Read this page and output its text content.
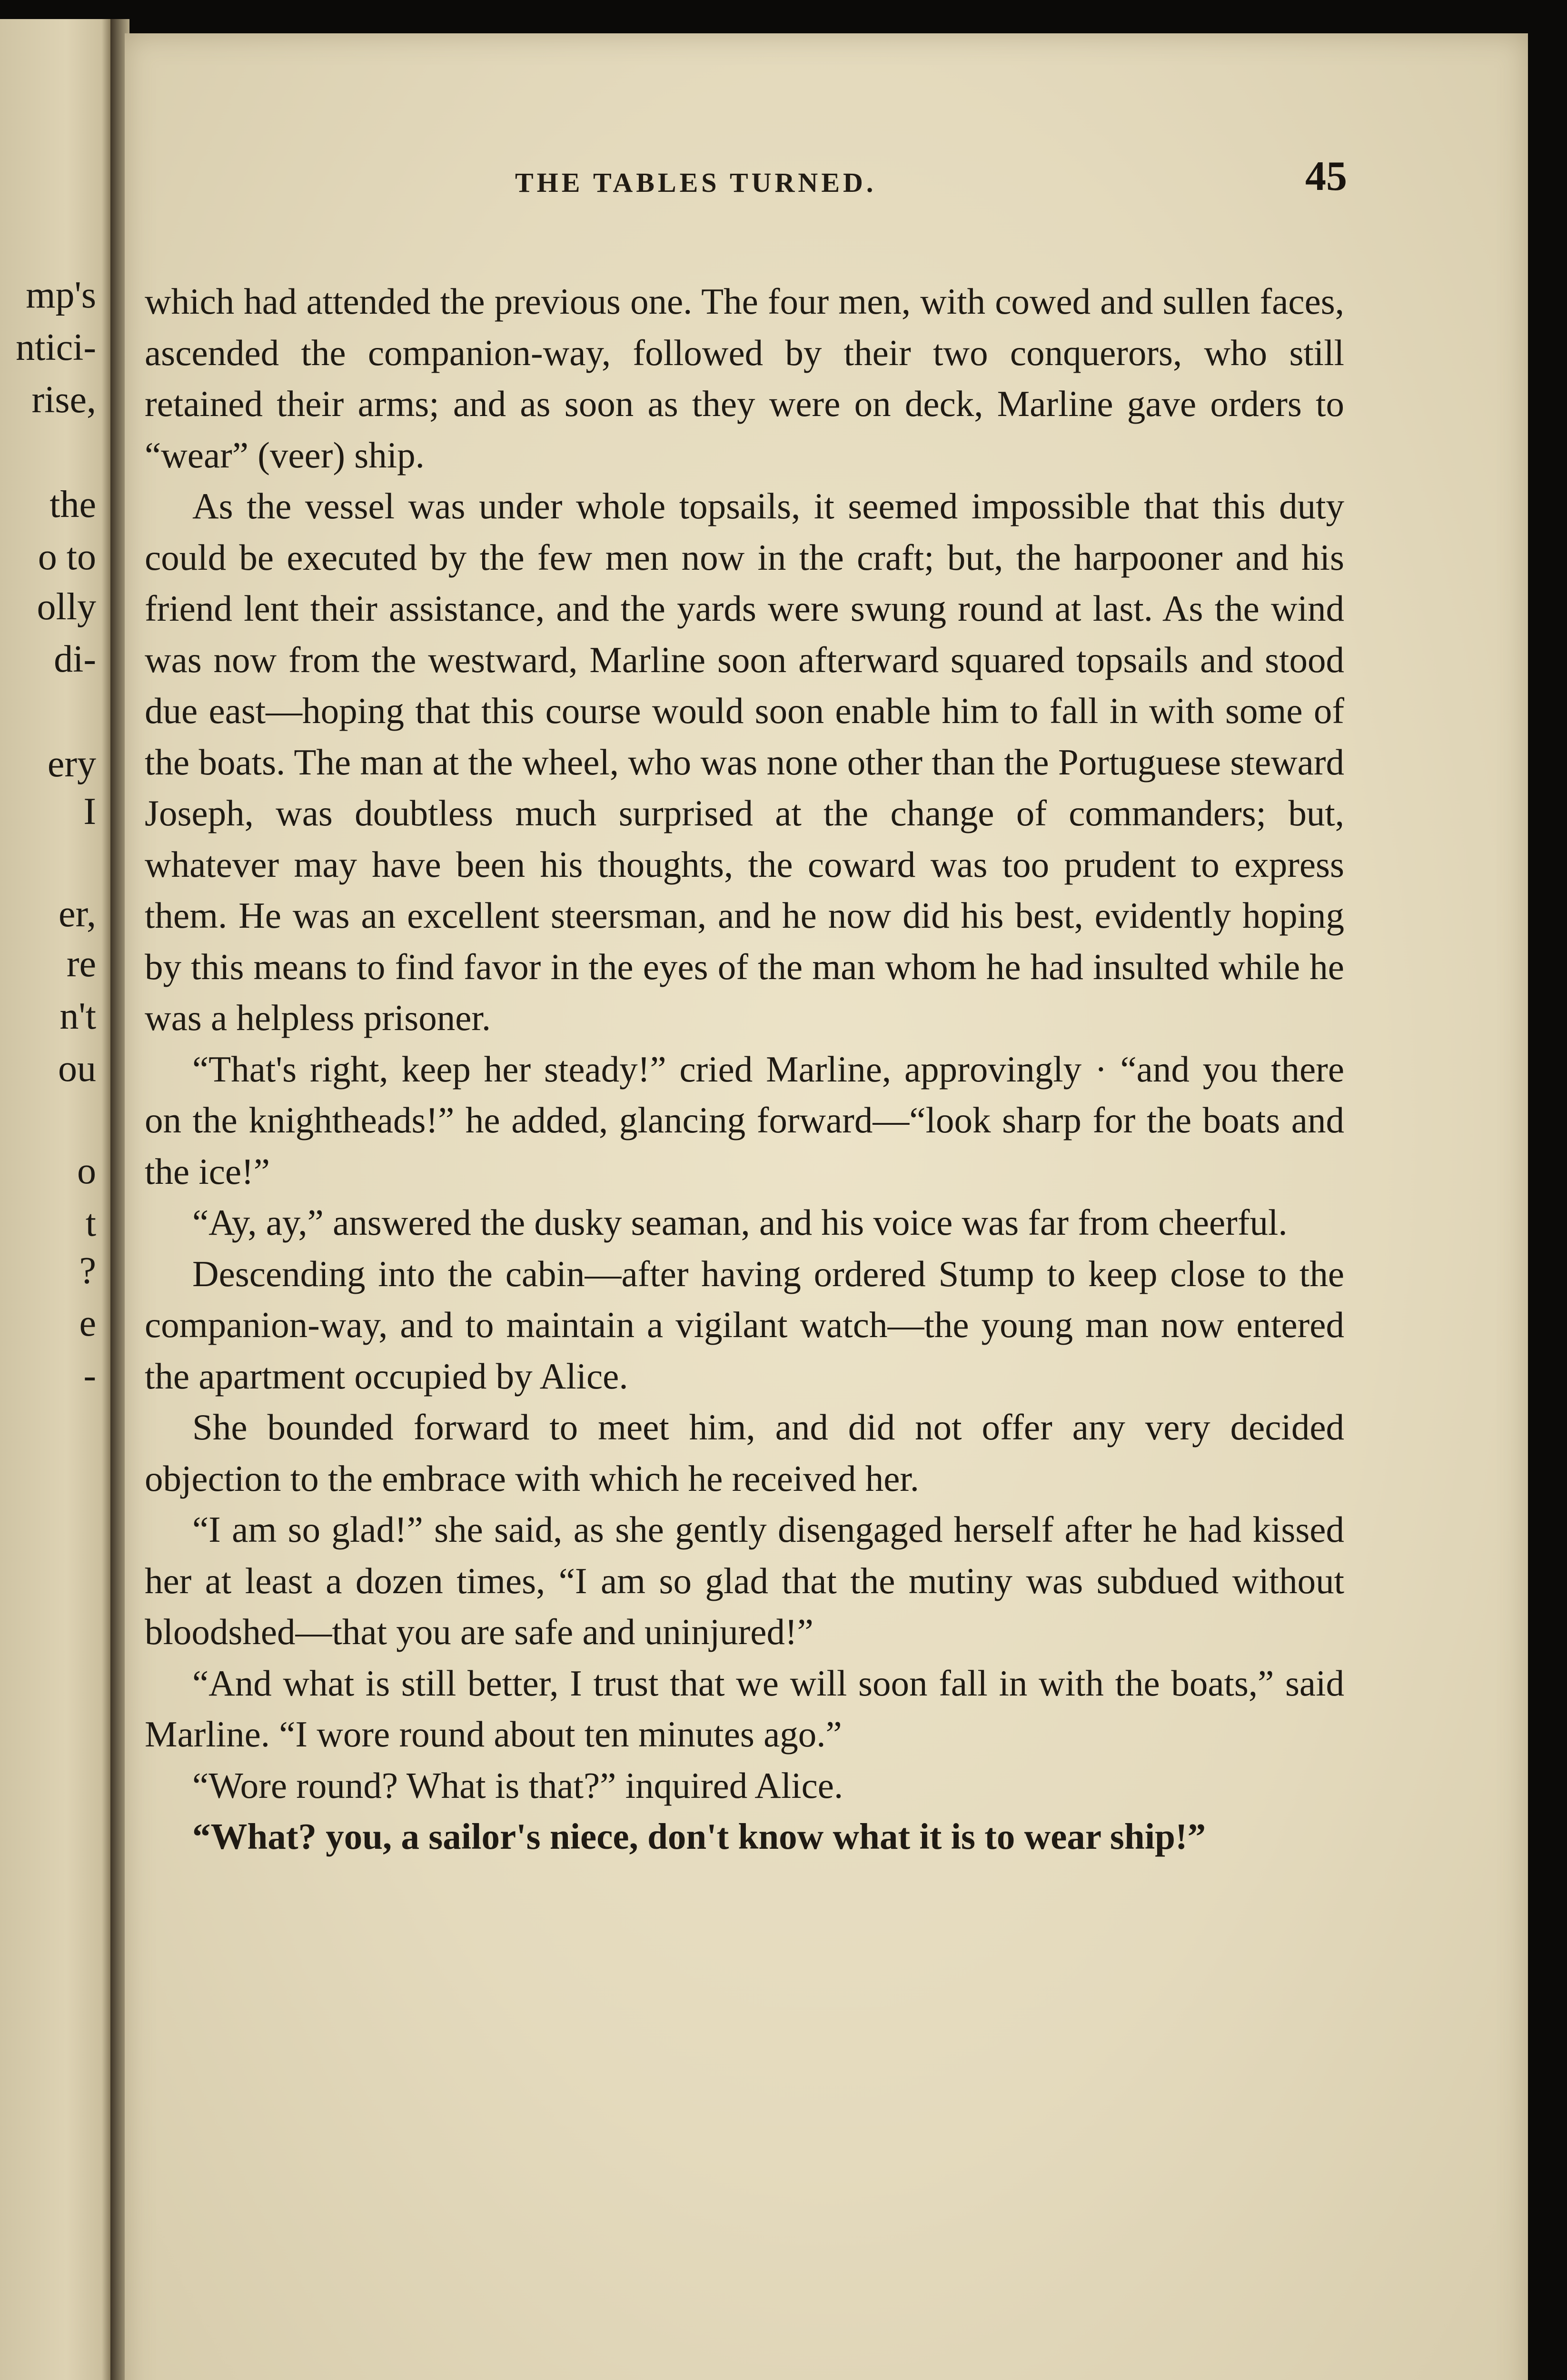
mp's
ntici-
rise,
the
o to
olly
di-
ery
I
er,
re
n't
ou
o
t
?
e
-
THE TABLES TURNED.	45

which had attended the previous one. The four men, with cowed and sullen faces, ascended the companion-way, followed by their two conquerors, who still retained their arms; and as soon as they were on deck, Marline gave orders to “wear” (veer) ship.

As the vessel was under whole topsails, it seemed impossible that this duty could be executed by the few men now in the craft; but, the harpooner and his friend lent their assistance, and the yards were swung round at last. As the wind was now from the westward, Marline soon afterward squared topsails and stood due east—hoping that this course would soon enable him to fall in with some of the boats. The man at the wheel, who was none other than the Portuguese steward Joseph, was doubtless much surprised at the change of commanders; but, whatever may have been his thoughts, the coward was too prudent to express them. He was an excellent steersman, and he now did his best, evidently hoping by this means to find favor in the eyes of the man whom he had insulted while he was a helpless prisoner.

“That's right, keep her steady!” cried Marline, approvingly · “and you there on the knightheads!” he added, glancing forward—“look sharp for the boats and the ice!”

“Ay, ay,” answered the dusky seaman, and his voice was far from cheerful.

Descending into the cabin—after having ordered Stump to keep close to the companion-way, and to maintain a vigilant watch—the young man now entered the apartment occupied by Alice.

She bounded forward to meet him, and did not offer any very decided objection to the embrace with which he received her.

“I am so glad!” she said, as she gently disengaged herself after he had kissed her at least a dozen times, “I am so glad that the mutiny was subdued without bloodshed—that you are safe and uninjured!”

“And what is still better, I trust that we will soon fall in with the boats,” said Marline. “I wore round about ten minutes ago.”

“Wore round? What is that?” inquired Alice.

“What? you, a sailor's niece, don't know what it is to wear ship!”
